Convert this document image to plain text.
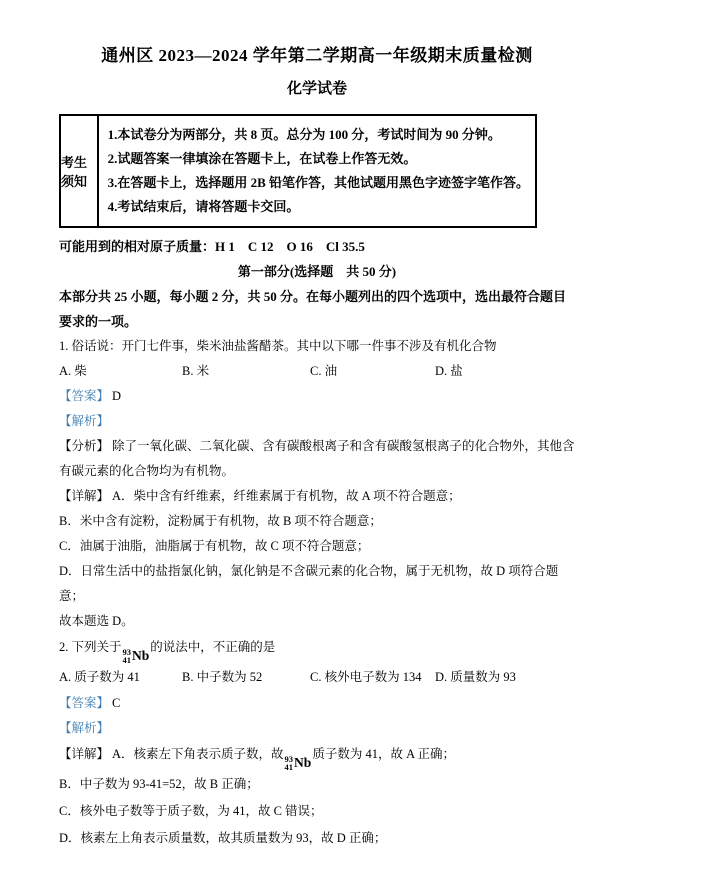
通州区 2023—2024 学年第二学期高一年级期末质量检测
化学试卷
考生须知

1.本试卷分为两部分，共 8 页。总分为 100 分，考试时间为 90 分钟。

2.试题答案一律填涂在答题卡上，在试卷上作答无效。

3.在答题卡上，选择题用 2B 铅笔作答，其他试题用黑色字迹签字笔作答。

4.考试结束后，请将答题卡交回。

可能用到的相对原子质量：H 1　C 12　O 16　Cl 35.5

第一部分(选择题　共 50 分)

本部分共 25 小题，每小题 2 分，共 50 分。在每小题列出的四个选项中，选出最符合题目要求的一项。

1. 俗话说：开门七件事，柴米油盐酱醋茶。其中以下哪一件事不涉及有机化合物

A. 柴	B. 米	C. 油	D. 盐

【答案】 D

【解析】

【分析】 除了一氧化碳、二氧化碳、含有碳酸根离子和含有碳酸氢根离子的化合物外，其他含有碳元素的化合物均为有机物。

【详解】 A．柴中含有纤维素，纤维素属于有机物，故 A 项不符合题意；

B．米中含有淀粉，淀粉属于有机物，故 B 项不符合题意；

C．油属于油脂，油脂属于有机物，故 C 项不符合题意；

D．日常生活中的盐指氯化钠，氯化钠是不含碳元素的化合物，属于无机物，故 D 项符合题意；

故本题选 D。

2. 下列关于 93
41 Nb
的说法中，不正确的是

A. 质子数为 41	B. 中子数为 52	C. 核外电子数为 134	D. 质量数为 93

【答案】 C

【解析】

【详解】 A．核素左下角表示质子数，故 93
41 Nb
质子数为 41，故 A 正确；

B．中子数为 93-41=52，故 B 正确；

C．核外电子数等于质子数，为 41，故 C 错误；

D．核素左上角表示质量数，故其质量数为 93，故 D 正确；
